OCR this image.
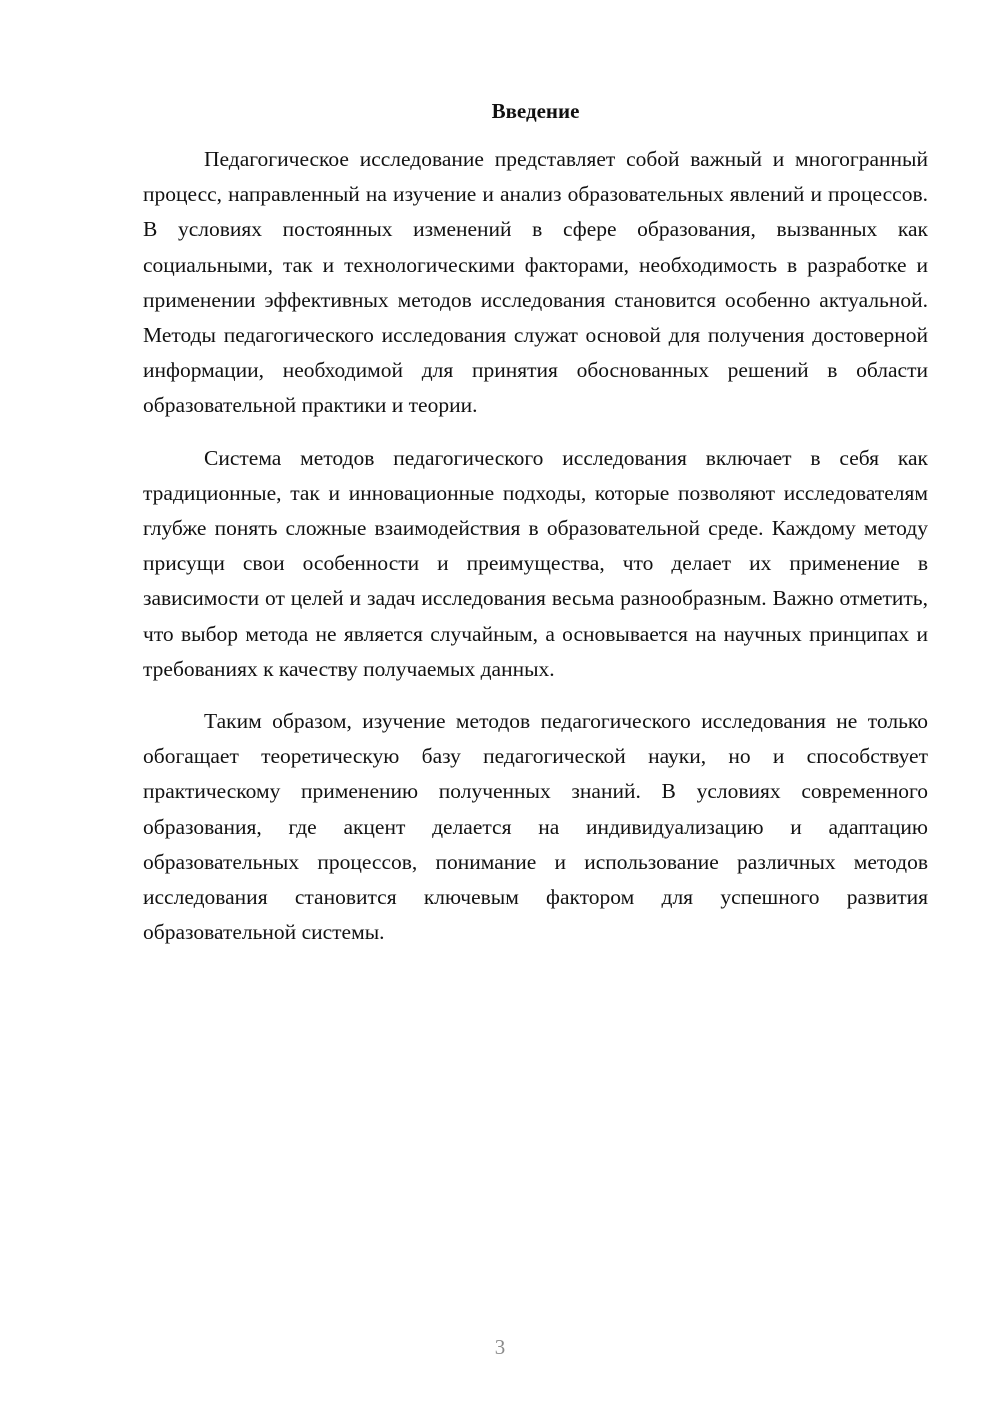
Введение

Педагогическое исследование представляет собой важный и многогранный процесс, направленный на изучение и анализ образовательных явлений и процессов. В условиях постоянных изменений в сфере образования, вызванных как социальными, так и технологическими факторами, необходимость в разработке и применении эффективных методов исследования становится особенно актуальной. Методы педагогического исследования служат основой для получения достоверной информации, необходимой для принятия обоснованных решений в области образовательной практики и теории.

Система методов педагогического исследования включает в себя как традиционные, так и инновационные подходы, которые позволяют исследователям глубже понять сложные взаимодействия в образовательной среде. Каждому методу присущи свои особенности и преимущества, что делает их применение в зависимости от целей и задач исследования весьма разнообразным. Важно отметить, что выбор метода не является случайным, а основывается на научных принципах и требованиях к качеству получаемых данных.

Таким образом, изучение методов педагогического исследования не только обогащает теоретическую базу педагогической науки, но и способствует практическому применению полученных знаний. В условиях современного образования, где акцент делается на индивидуализацию и адаптацию образовательных процессов, понимание и использование различных методов исследования становится ключевым фактором для успешного развития образовательной системы.

3
